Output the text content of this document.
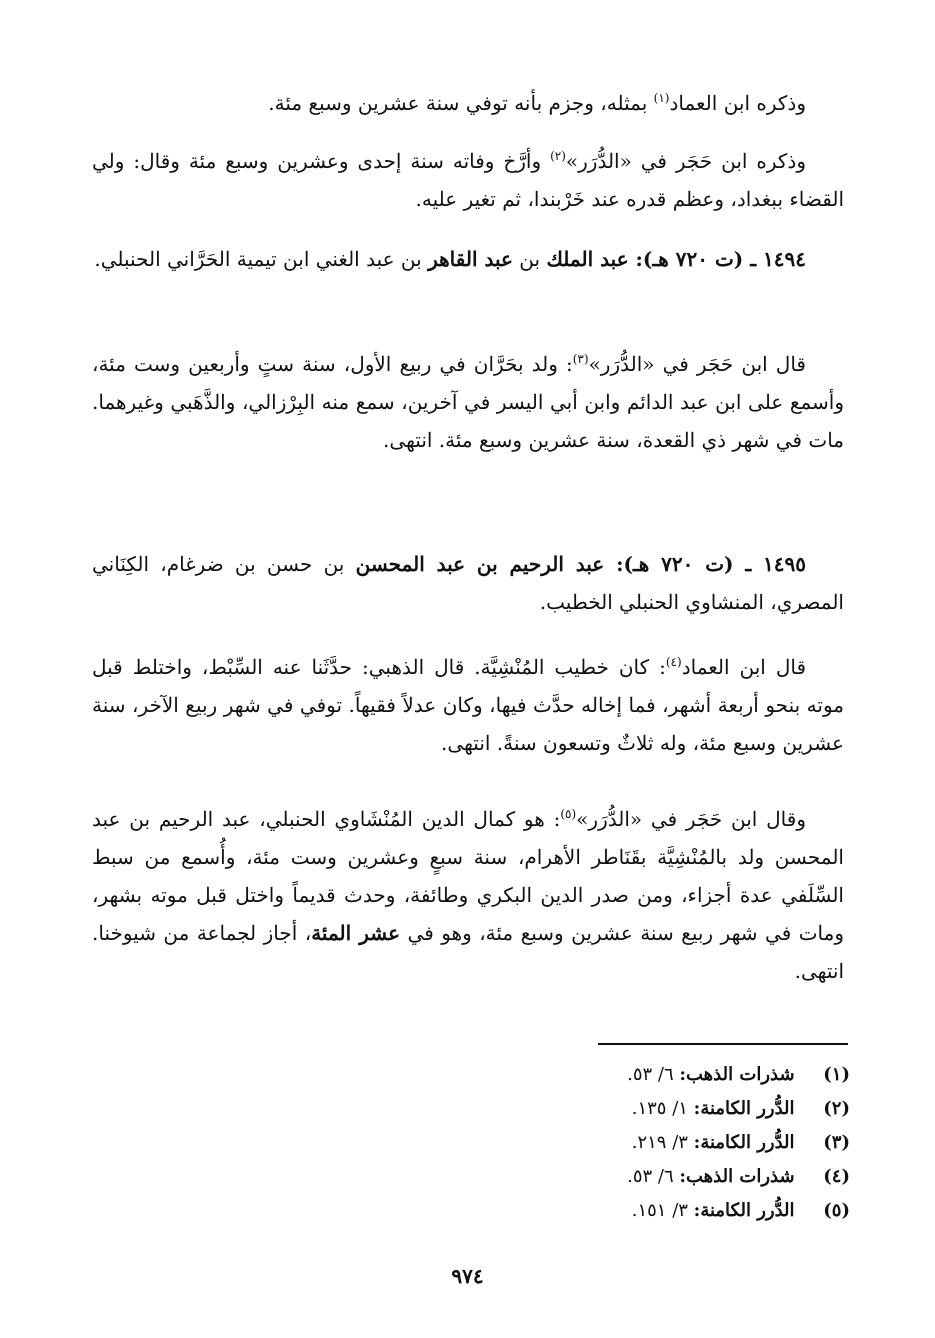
وذكره ابن العماد$^{(١)}$ بمثله، وجزم بأنه توفي سنة عشرين وسبع مئة.

وذكره ابن حَجَر في «الدُّرَر»$^{(٢)}$ وأرَّخ وفاته سنة إحدى وعشرين وسبع مئة وقال: ولي القضاء ببغداد، وعظم قدره عند خَرْبندا، ثم تغير عليه.

١٤٩٤ ـ (ت ٧٢٠ هـ): عبد الملك بن عبد القاهر بن عبد الغني ابن تيمية الحَرَّاني الحنبلي.

قال ابن حَجَر في «الدُّرَر»$^{(٣)}$: ولد بحَرَّان في ربيع الأول، سنة ستٍ وأربعين وست مئة، وأسمع على ابن عبد الدائم وابن أبي اليسر في آخرين، سمع منه البِرْزالي، والذَّهَبي وغيرهما. مات في شهر ذي القعدة، سنة عشرين وسبع مئة. انتهى.

١٤٩٥ ـ (ت ٧٢٠ هـ): عبد الرحيم بن عبد المحسن بن حسن بن ضرغام، الكِنَاني المصري، المنشاوي الحنبلي الخطيب.

قال ابن العماد$^{(٤)}$: كان خطيب المُنْشِيَّة. قال الذهبي: حدَّثَنا عنه السِّبْط، واختلط قبل موته بنحو أربعة أشهر، فما إخاله حدَّث فيها، وكان عدلاً فقيهاً. توفي في شهر ربيع الآخر، سنة عشرين وسبع مئة، وله ثلاثٌ وتسعون سنةً. انتهى.

وقال ابن حَجَر في «الدُّرَر»$^{(٥)}$: هو كمال الدين المُنْشَاوي الحنبلي، عبد الرحيم بن عبد المحسن ولد بالمُنْشِيَّة بقَنَاطر الأهرام، سنة سبعٍ وعشرين وست مئة، وأُسمع من سبط السِّلَفي عدة أجزاء، ومن صدر الدين البكري وطائفة، وحدث قديماً واختل قبل موته بشهر، ومات في شهر ربيع سنة عشرين وسبع مئة، وهو في عشر المئة، أجاز لجماعة من شيوخنا. انتهى.

(١)  شذرات الذهب: ٦/ ٥٣.
(٢)  الدُّرر الكامنة: ١/ ١٣٥.
(٣)  الدُّرر الكامنة: ٣/ ٢١٩.
(٤)  شذرات الذهب: ٦/ ٥٣.
(٥)  الدُّرر الكامنة: ٣/ ١٥١.
٩٧٤
